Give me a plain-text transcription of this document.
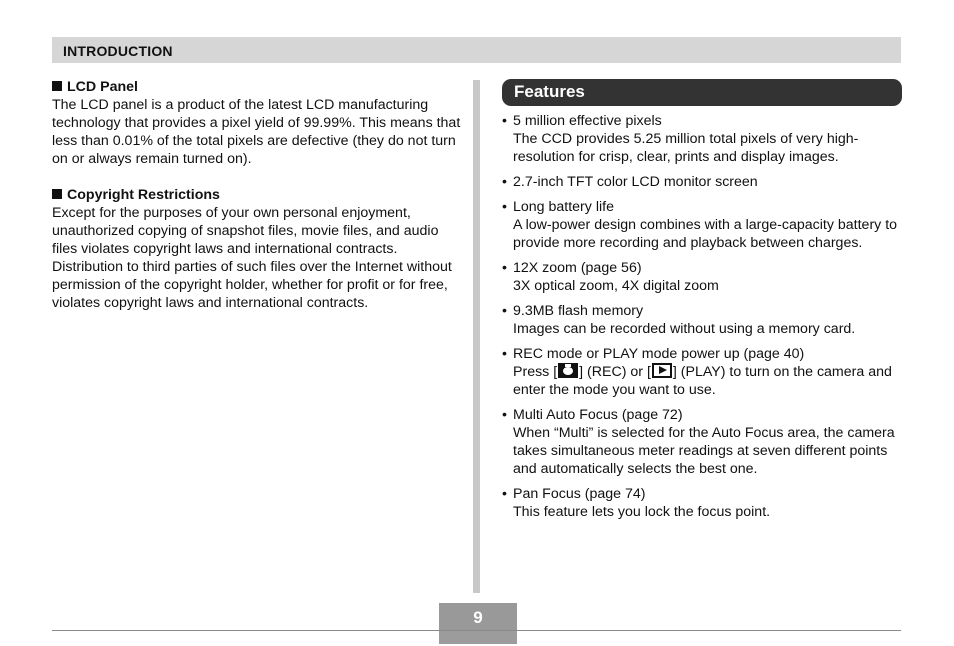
INTRODUCTION
LCD Panel
The LCD panel is a product of the latest LCD manufacturing technology that provides a pixel yield of 99.99%. This means that less than 0.01% of the total pixels are defective (they do not turn on or always remain turned on).
Copyright Restrictions
Except for the purposes of your own personal enjoyment, unauthorized copying of snapshot files, movie files, and audio files violates copyright laws and international contracts.
Distribution to third parties of such files over the Internet without permission of the copyright holder, whether for profit or for free, violates copyright laws and international contracts.
Features
• 5 million effective pixels
The CCD provides 5.25 million total pixels of very high-resolution for crisp, clear, prints and display images.
• 2.7-inch TFT color LCD monitor screen
• Long battery life
A low-power design combines with a large-capacity battery to provide more recording and playback between charges.
• 12X zoom (page 56)
3X optical zoom, 4X digital zoom
• 9.3MB flash memory
Images can be recorded without using a memory card.
• REC mode or PLAY mode power up (page 40)
Press [ ] (REC) or [ ] (PLAY) to turn on the camera and enter the mode you want to use.
• Multi Auto Focus (page 72)
When “Multi” is selected for the Auto Focus area, the camera takes simultaneous meter readings at seven different points and automatically selects the best one.
• Pan Focus (page 74)
This feature lets you lock the focus point.
9
